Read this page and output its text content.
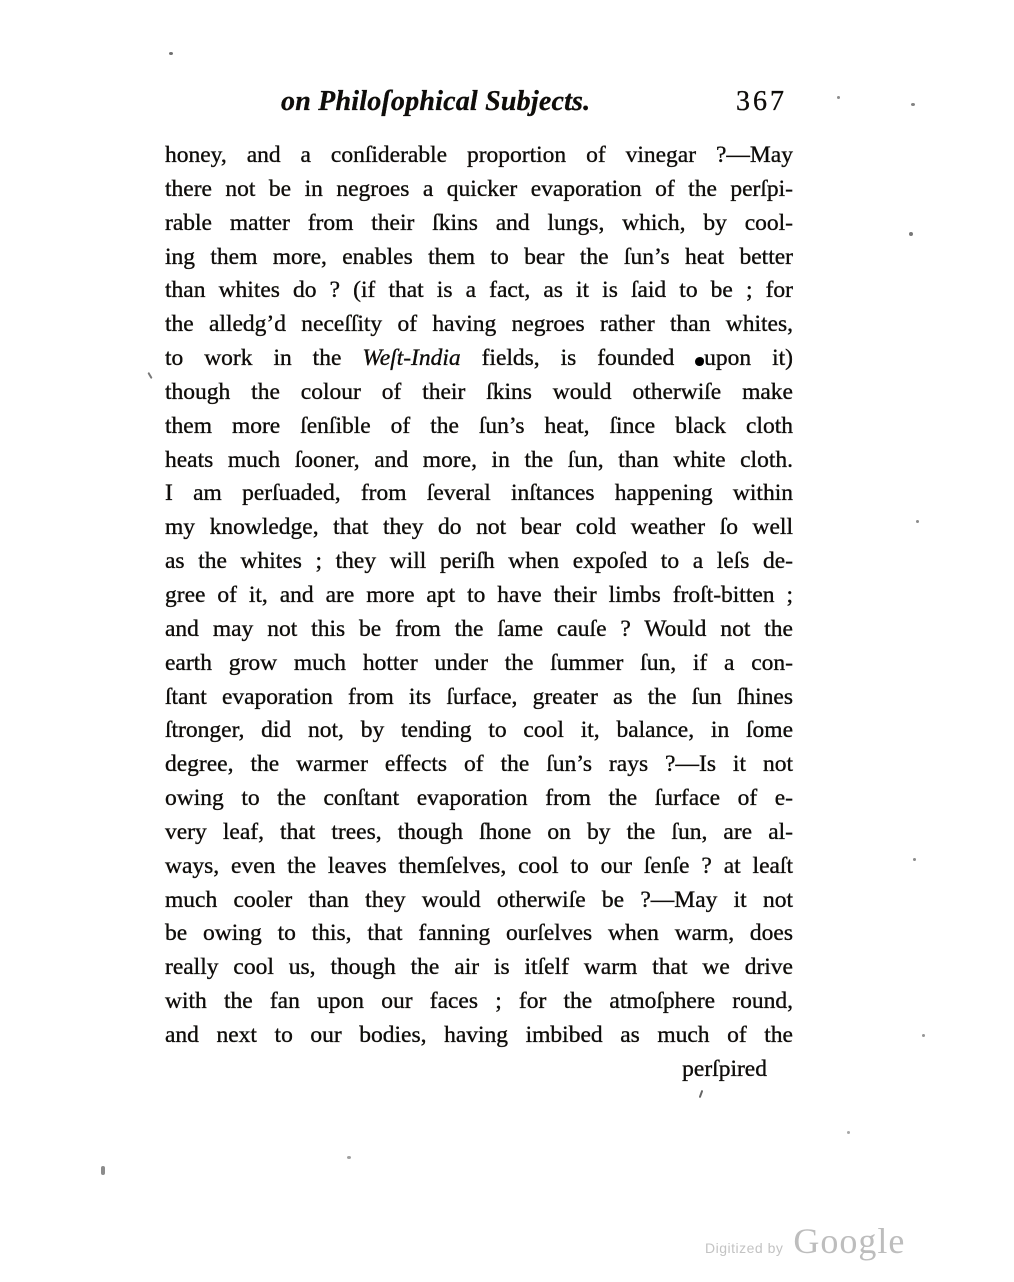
on Philoſophical Subjects.	367
honey, and a conſiderable proportion of vinegar ?—May
there not be in negroes a quicker evaporation of the perſpi-
rable matter from their ſkins and lungs, which, by cool-
ing them more, enables them to bear the ſun’s heat better
than whites do ? (if that is a fact, as it is ſaid to be ; for
the alledg’d neceſſity of having negroes rather than whites,
to work in the Weſt-India fields, is founded upon it)
though the colour of their ſkins would otherwiſe make
them more ſenſible of the ſun’s heat, ſince black cloth
heats much ſooner, and more, in the ſun, than white cloth.
I am perſuaded, from ſeveral inſtances happening within
my knowledge, that they do not bear cold weather ſo well
as the whites ; they will periſh when expoſed to a leſs de-
gree of it, and are more apt to have their limbs froſt-bitten ;
and may not this be from the ſame cauſe ? Would not the
earth grow much hotter under the ſummer ſun, if a con-
ſtant evaporation from its ſurface, greater as the ſun ſhines
ſtronger, did not, by tending to cool it, balance, in ſome
degree, the warmer effects of the ſun’s rays ?—Is it not
owing to the conſtant evaporation from the ſurface of e-
very leaf, that trees, though ſhone on by the ſun, are al-
ways, even the leaves themſelves, cool to our ſenſe ? at leaſt
much cooler than they would otherwiſe be ?—May it not
be owing to this, that fanning ourſelves when warm, does
really cool us, though the air is itſelf warm that we drive
with the fan upon our faces ; for the atmoſphere round,
and next to our bodies, having imbibed as much of the
perſpired
Digitized by Google
